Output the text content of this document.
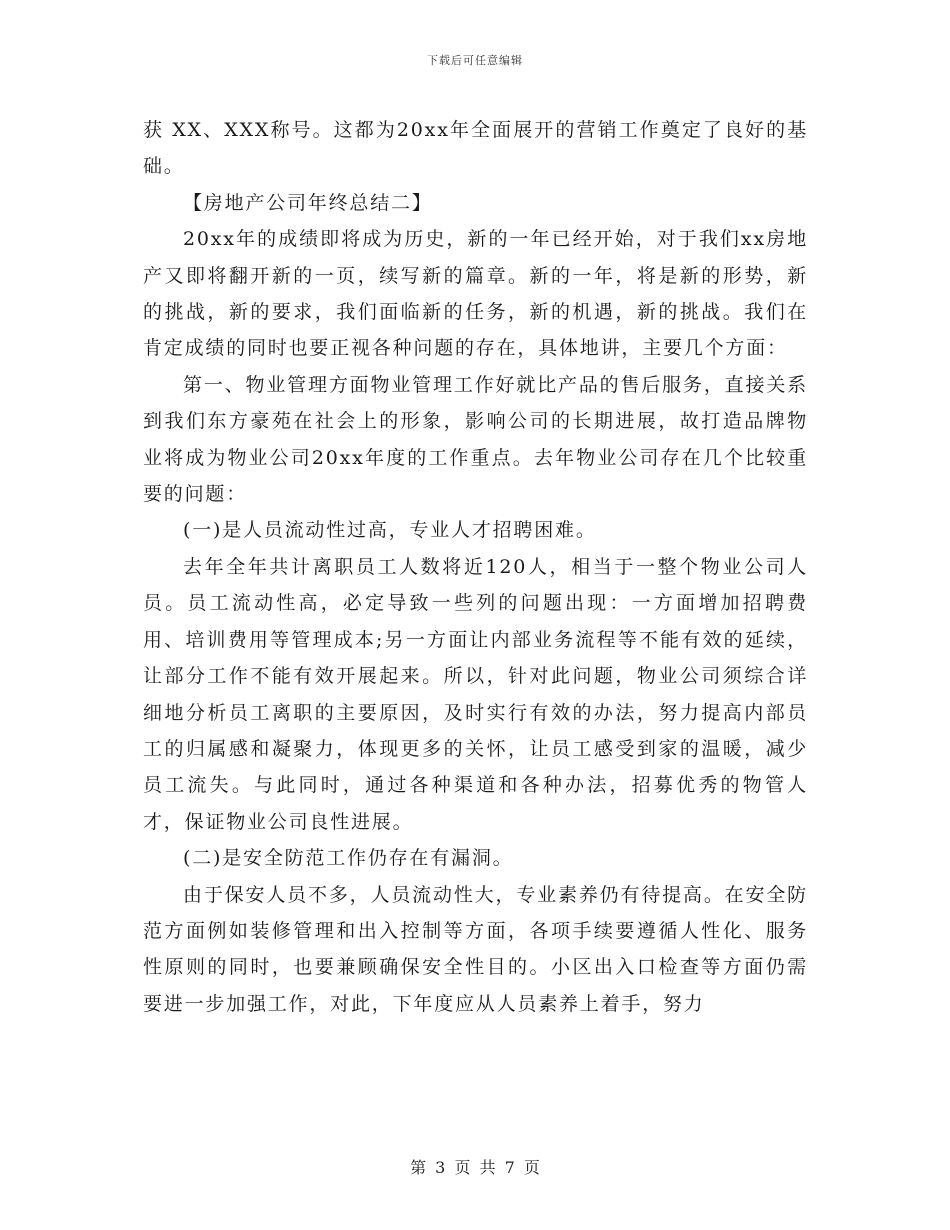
下载后可任意编辑

获 XX、XXX称号。这都为20xx年全面展开的营销工作奠定了良好的基础。

【房地产公司年终总结二】

20xx年的成绩即将成为历史，新的一年已经开始，对于我们xx房地产又即将翻开新的一页，续写新的篇章。新的一年，将是新的形势，新的挑战，新的要求，我们面临新的任务，新的机遇，新的挑战。我们在肯定成绩的同时也要正视各种问题的存在，具体地讲，主要几个方面：

第一、物业管理方面物业管理工作好就比产品的售后服务，直接关系到我们东方豪苑在社会上的形象，影响公司的长期进展，故打造品牌物业将成为物业公司20xx年度的工作重点。去年物业公司存在几个比较重要的问题：

(一)是人员流动性过高，专业人才招聘困难。

去年全年共计离职员工人数将近120人，相当于一整个物业公司人员。员工流动性高，必定导致一些列的问题出现：一方面增加招聘费用、培训费用等管理成本;另一方面让内部业务流程等不能有效的延续，让部分工作不能有效开展起来。所以，针对此问题，物业公司须综合详细地分析员工离职的主要原因，及时实行有效的办法，努力提高内部员工的归属感和凝聚力，体现更多的关怀，让员工感受到家的温暖，减少员工流失。与此同时，通过各种渠道和各种办法，招募优秀的物管人才，保证物业公司良性进展。

(二)是安全防范工作仍存在有漏洞。

由于保安人员不多，人员流动性大，专业素养仍有待提高。在安全防范方面例如装修管理和出入控制等方面，各项手续要遵循人性化、服务性原则的同时，也要兼顾确保安全性目的。小区出入口检查等方面仍需要进一步加强工作，对此，下年度应从人员素养上着手，努力

第 3 页 共 7 页
